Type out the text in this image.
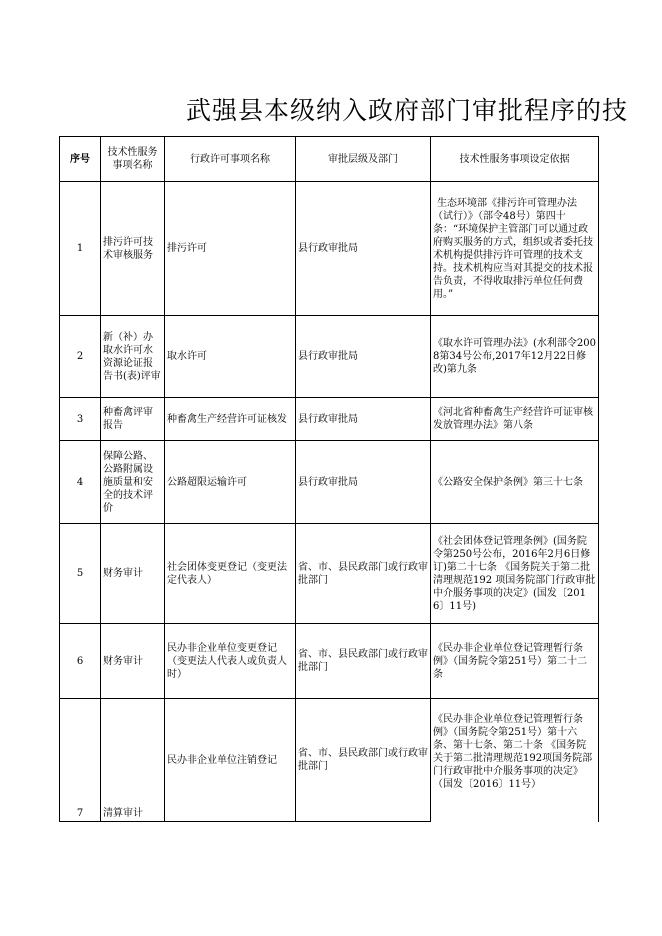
武强县本级纳入政府部门审批程序的技
序号	技术性服务事项名称	行政许可事项名称	审批层级及部门	技术性服务事项设定依据
1	排污许可技术审核服务	排污许可	县行政审批局	生态环境部《排污许可管理办法（试行）》（部令48号）第四十条：“环境保护主管部门可以通过政府购买服务的方式，组织或者委托技术机构提供排污许可管理的技术支持。技术机构应当对其提交的技术报告负责，不得收取排污单位任何费用。”
2	新（补）办取水许可水资源论证报告书(表)评审	取水许可	县行政审批局	《取水许可管理办法》(水利部令2008第34号公布,2017年12月22日修改)第九条
3	种畜禽评审报告	种畜禽生产经营许可证核发	县行政审批局	《河北省种畜禽生产经营许可证审核发放管理办法》第八条
4	保障公路、公路附属设施质量和安全的技术评价	公路超限运输许可	县行政审批局	《公路安全保护条例》第三十七条
5	财务审计	社会团体变更登记（变更法定代表人）	省、市、县民政部门或行政审批部门	《社会团体登记管理条例》(国务院令第250号公布，2016年2月6日修订)第二十七条 《国务院关于第二批清理规范192 项国务院部门行政审批中介服务事项的决定》(国发〔2016〕11号)
6	财务审计	民办非企业单位变更登记（变更法人代表人或负责人时）	省、市、县民政部门或行政审批部门	《民办非企业单位登记管理暂行条例》（国务院令第251号）第二十二条
7	清算审计	民办非企业单位注销登记	省、市、县民政部门或行政审批部门	《民办非企业单位登记管理暂行条例》（国务院令第251号）第十六条、第十七条、第二十条 《国务院关于第二批清理规范192项国务院部门行政审批中介服务事项的决定》（国发〔2016〕11号）
